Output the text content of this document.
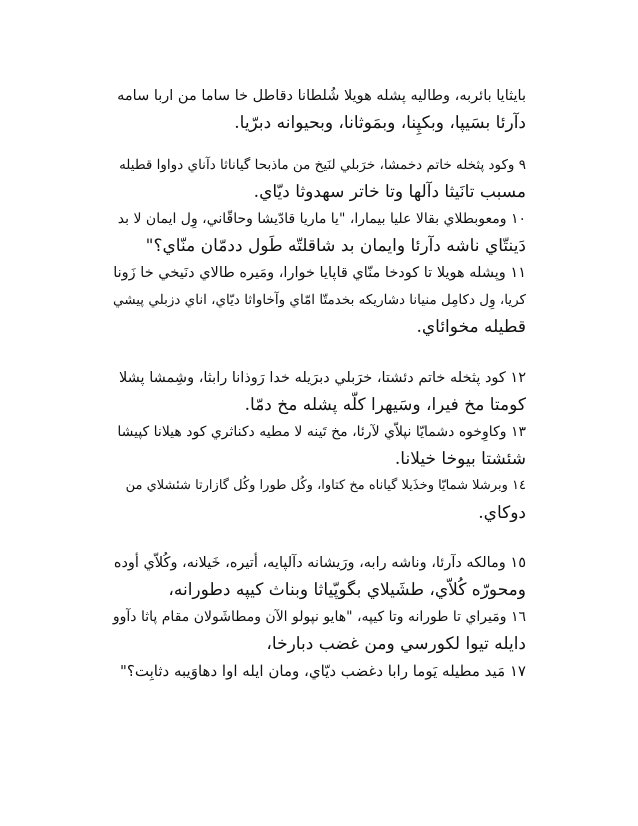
بايثايا بائربه، وطاليه پشله هويلا شُلطانا دقاطل خا ساما من اربا سامه
دآرئا بسَيپا، وبكپِنا، وبمَوثانا، وبحيوانه دبرّيا.
٩ وكود پثخله خاتم دخمشا، خرَبلي لنَيخ من ماذبحا گياناثا دآناي دواوا قطيله
مسبب تانَيثا دآلها وتا خاتر سهدوثا ديّاي.
١٠ ومعوبطلاي بقالا عليا بيمارا، "يا ماريا قادّيشا وحاقّاني، وِل ايمان لا بد
دَينتّاي ناشه دآرئا وايمان بد شاقلتّه طَول ددمّان منّاي؟"
١١ وپشله هويلا تا كودخا منّاي قاپايا خوارا، ومَيره طالاي دنَيخي خا زَونا
كريا، وِل دكامِل منيانا دشاريكه بخدمتّا امّاي وآخاواثا ديّاي، اناي دزبلي پيشي
قطيله مخوائاي.
١٢ كود پثخله خاتم دئشتا، خرَبلي دبرَيله خدا رَوذانا رابثا، وشِمشا پشلا
كومتا مخ فيرا، وسَيهرا كلّه پشله مخ دمّا.
١٣ وكاوِخوه دشمايّا نپلاّي لآرئا، مخ تَينه لا مطيه دكناثري كود هيلانا كپيشا
شئشتا بيوخا خيلانا.
١٤ وبرشلا شمايّا وخذَيلا گياناه مخ كتاوا، وكُل طورا وكُل گازارتا شئشلاي من
دوكاي.
١٥ ومالكه دآرئا، وناشه رابه، ورَيشانه دآلپايه، أتيره، خَيلانه، وكُلاّي أوده
ومحورّه كُلاّي، طشَيلاي بگوپّياثا وبناث كيپه دطورانه،
١٦ ومَيراي تا طورانه وتا كيپه، "هايو نپولو الآن ومطاشَولان مقام پاثا دآوو
دايله تيوا لكورسي ومن غضب دبارخا،
١٧ مَيد مطيله يَوما رابا دغضب ديّاي، ومان ايله اوا دهاوَيبه دثابِت؟"
